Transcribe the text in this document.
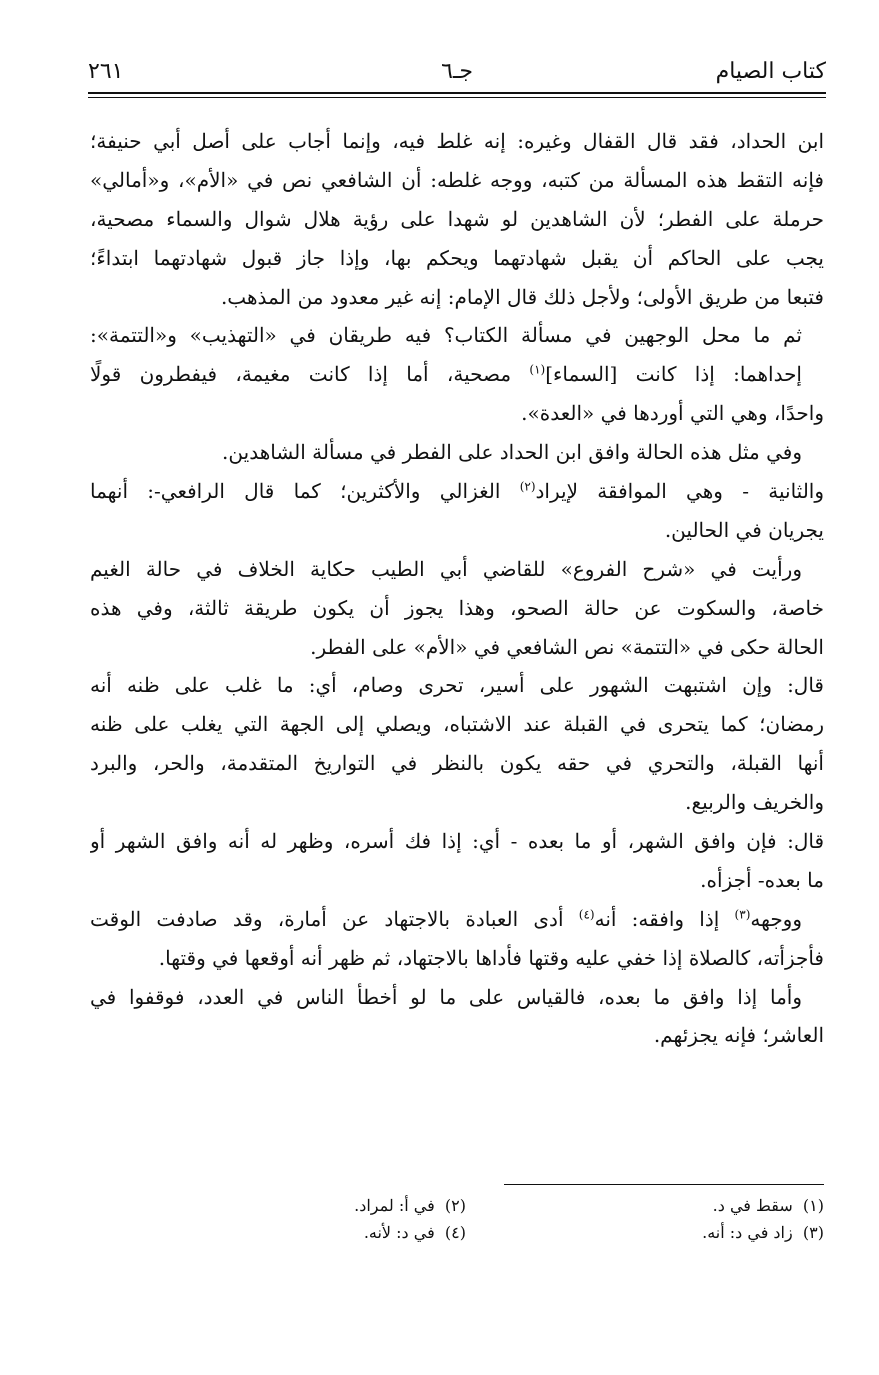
كتاب الصيام
جـ٦
٢٦١
ابن الحداد، فقد قال القفال وغيره: إنه غلط فيه، وإنما أجاب على أصل أبي حنيفة؛
فإنه التقط هذه المسألة من كتبه، ووجه غلطه: أن الشافعي نص في «الأم»، و«أمالي»
حرملة على الفطر؛ لأن الشاهدين لو شهدا على رؤية هلال شوال والسماء مصحية،
يجب على الحاكم أن يقبل شهادتهما ويحكم بها، وإذا جاز قبول شهادتهما ابتداءً؛
فتبعا من طريق الأولى؛ ولأجل ذلك قال الإمام: إنه غير معدود من المذهب.
ثم ما محل الوجهين في مسألة الكتاب؟ فيه طريقان في «التهذيب» و«التتمة»:
إحداهما: إذا كانت [السماء]$^{(١)}$ مصحية، أما إذا كانت مغيمة، فيفطرون قولًا
واحدًا، وهي التي أوردها في «العدة».
وفي مثل هذه الحالة وافق ابن الحداد على الفطر في مسألة الشاهدين.
والثانية - وهي الموافقة لإيراد$^{(٢)}$ الغزالي والأكثرين؛ كما قال الرافعي-: أنهما
يجريان في الحالين.
ورأيت في «شرح الفروع» للقاضي أبي الطيب حكاية الخلاف في حالة الغيم
خاصة، والسكوت عن حالة الصحو، وهذا يجوز أن يكون طريقة ثالثة، وفي هذه
الحالة حكى في «التتمة» نص الشافعي في «الأم» على الفطر.
قال: وإن اشتبهت الشهور على أسير، تحرى وصام، أي: ما غلب على ظنه أنه
رمضان؛ كما يتحرى في القبلة عند الاشتباه، ويصلي إلى الجهة التي يغلب على ظنه
أنها القبلة، والتحري في حقه يكون بالنظر في التواريخ المتقدمة، والحر، والبرد
والخريف والربيع.
قال: فإن وافق الشهر، أو ما بعده - أي: إذا فك أسره، وظهر له أنه وافق الشهر أو
ما بعده- أجزأه.
ووجهه$^{(٣)}$ إذا وافقه: أنه$^{(٤)}$ أدى العبادة بالاجتهاد عن أمارة، وقد صادفت الوقت
فأجزأته، كالصلاة إذا خفي عليه وقتها فأداها بالاجتهاد، ثم ظهر أنه أوقعها في وقتها.
وأما إذا وافق ما بعده، فالقياس على ما لو أخطأ الناس في العدد، فوقفوا في
العاشر؛ فإنه يجزئهم.
(١)  سقط في د.
(٢)  في أ: لمراد.
(٣)  زاد في د: أنه.
(٤)  في د: لأنه.
